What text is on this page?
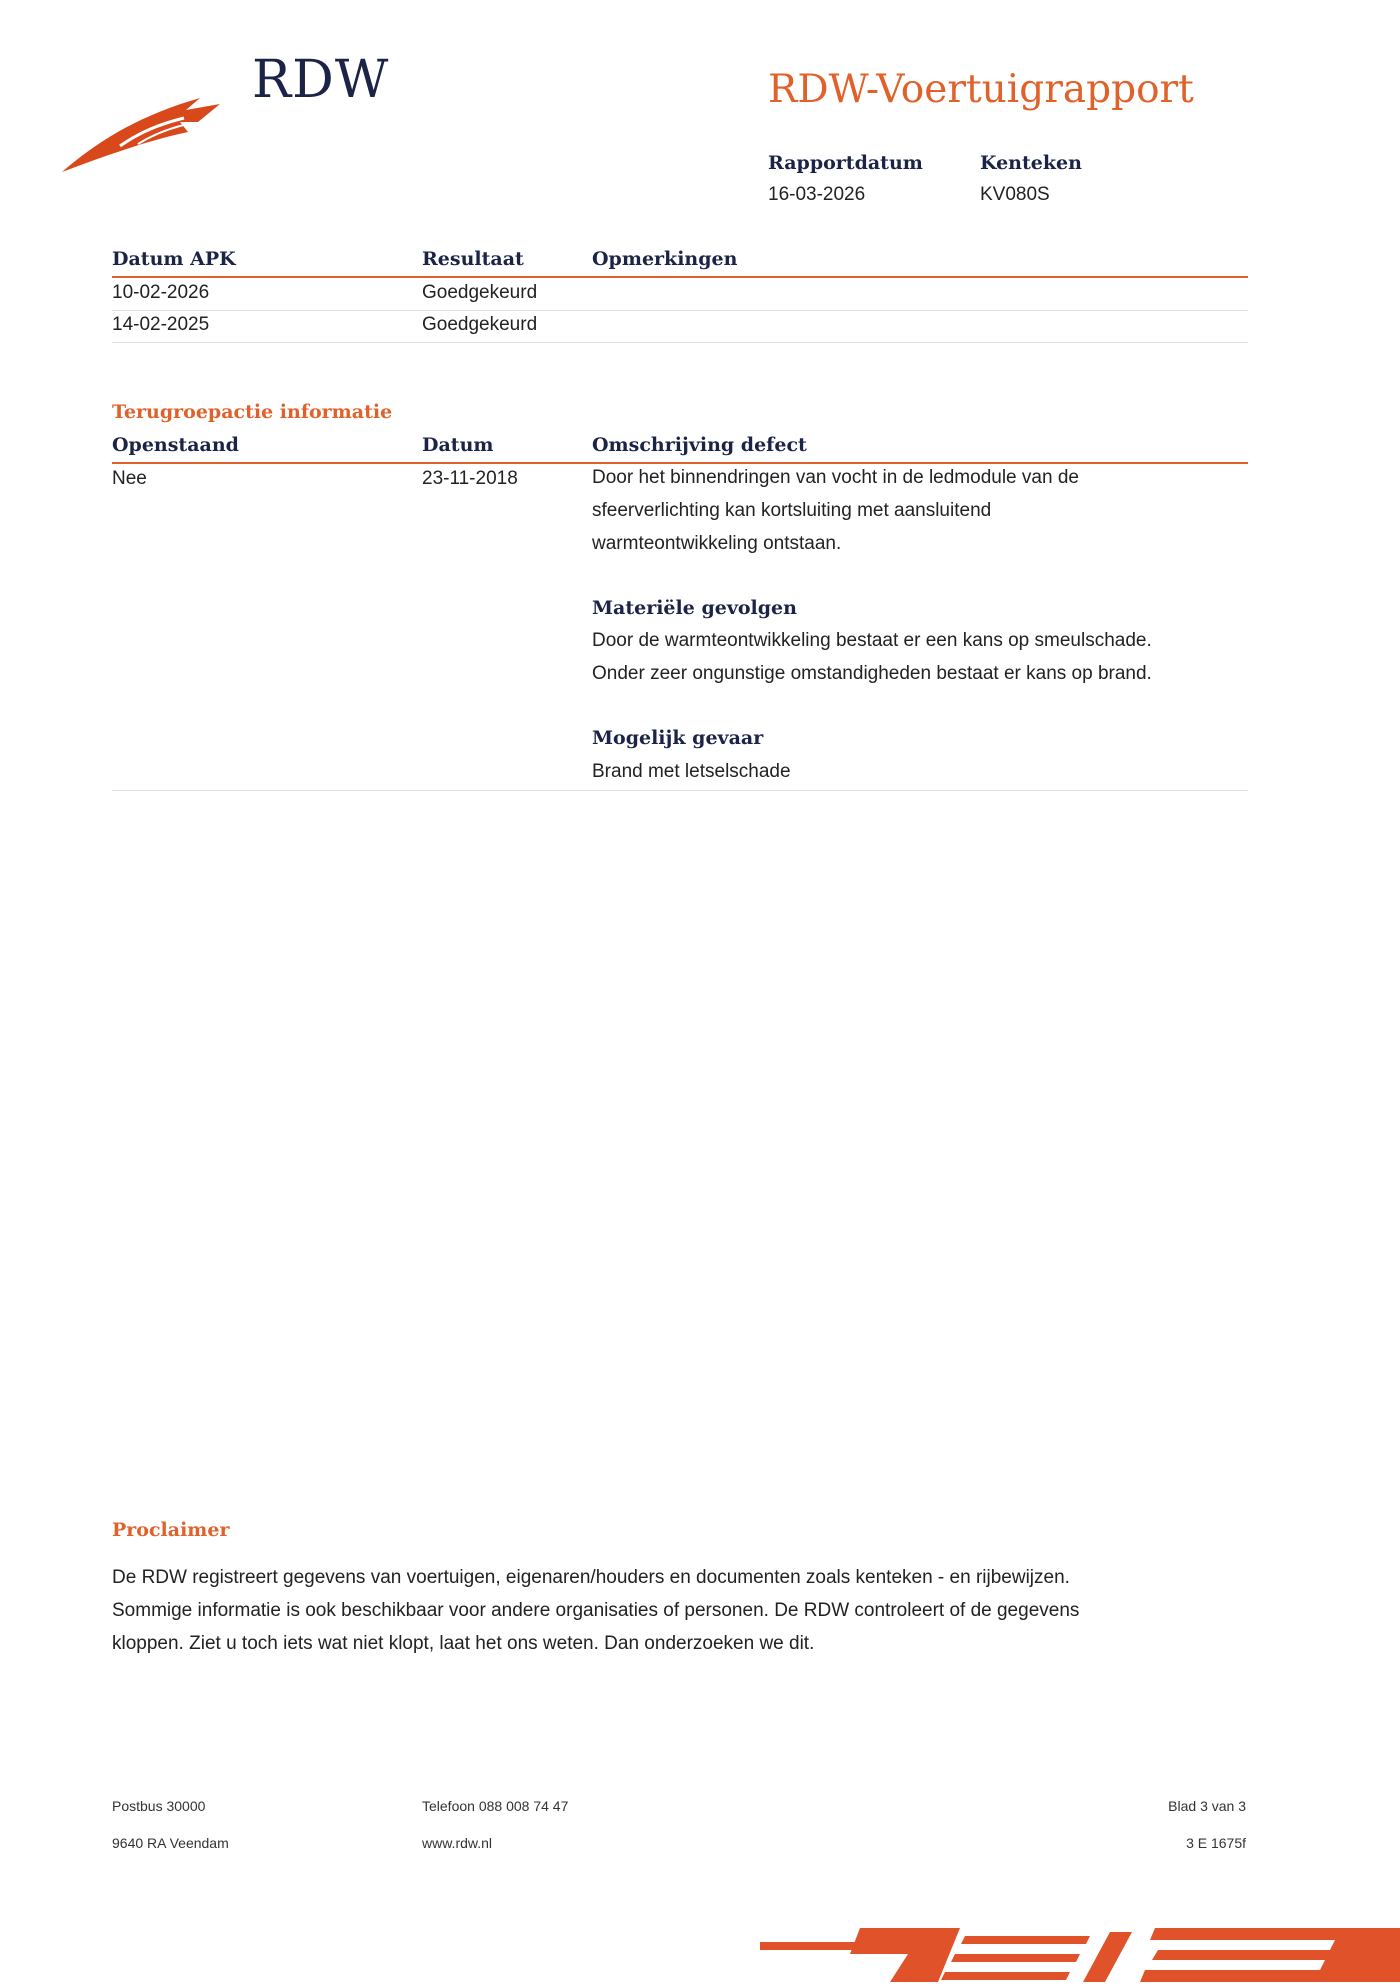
RDW	RDW-Voertuigrapport
Rapportdatum
16-03-2026
Kenteken
KV080S
Datum APK	Resultaat	Opmerkingen
10-02-2026	Goedgekeurd
14-02-2025	Goedgekeurd
Terugroepactie informatie
Openstaand	Datum	Omschrijving defect
Nee	23-11-2018	Door het binnendringen van vocht in de ledmodule van de
sfeerverlichting kan kortsluiting met aansluitend
warmteontwikkeling ontstaan.
Materiële gevolgen
Door de warmteontwikkeling bestaat er een kans op smeulschade.
Onder zeer ongunstige omstandigheden bestaat er kans op brand.
Mogelijk gevaar
Brand met letselschade
Proclaimer
De RDW registreert gegevens van voertuigen, eigenaren/houders en documenten zoals kenteken - en rijbewijzen.
Sommige informatie is ook beschikbaar voor andere organisaties of personen. De RDW controleert of de gegevens
kloppen. Ziet u toch iets wat niet klopt, laat het ons weten. Dan onderzoeken we dit.
Postbus 30000
9640 RA Veendam
Telefoon 088 008 74 47
www.rdw.nl
Blad 3 van 3
3 E 1675f
